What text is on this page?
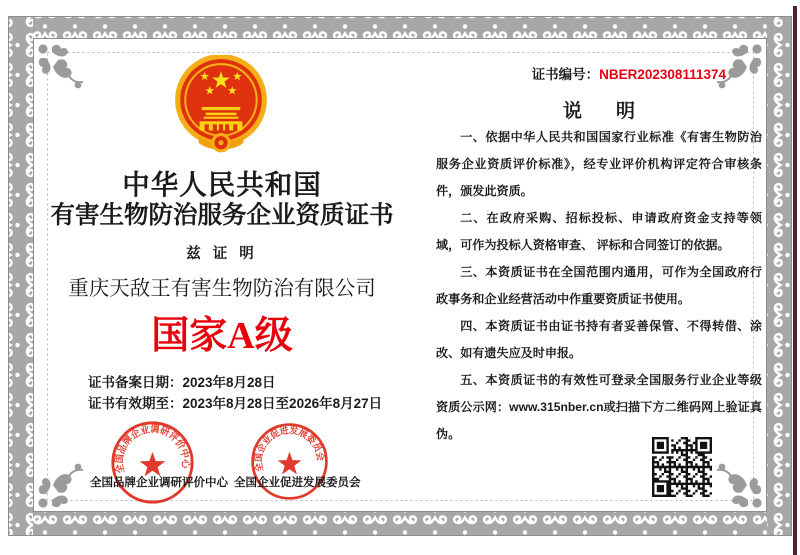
证书编号：NBER202308111374
中华人民共和国
有害生物防治服务企业资质证书
兹 证 明
重庆天敌王有害生物防治有限公司
国家A级
证书备案日期：2023年8月28日
证书有效期至：2023年8月28日至2026年8月27日
全国品牌企业调研评价中心	全国企业促进发展委员会
全国品牌企业调研评价中心 全国企业促进发展委员会
说 明

一、依据中华人民共和国国家行业标准《有害生物防治服务企业资质评价标准》，经专业评价机构评定符合审核条件，颁发此资质。

二、在政府采购、招标投标、申请政府资金支持等领域，可作为投标人资格审查、 评标和合同签订的依据。

三、本资质证书在全国范围内通用，可作为全国政府行政事务和企业经营活动中作重要资质证书使用。

四、本资质证书由证书持有者妥善保管、不得转借、涂改、如有遗失应及时申报。

五、本资质证书的有效性可登录全国服务行业企业等级资质公示网：www.315nber.cn或扫描下方二维码网上验证真伪。
